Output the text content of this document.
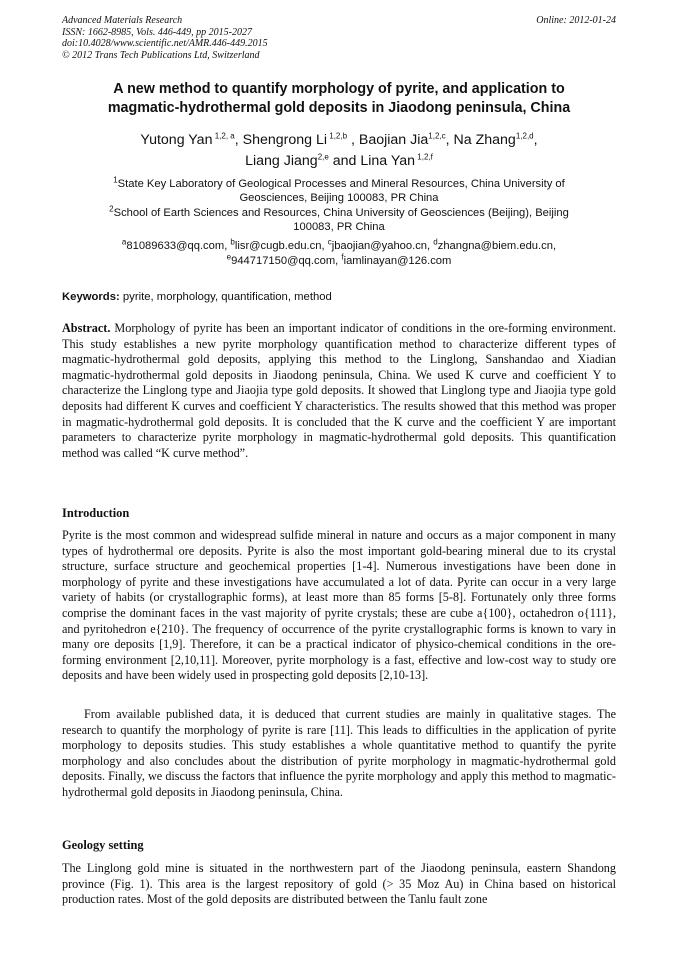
Advanced Materials Research
ISSN: 1662-8985, Vols. 446-449, pp 2015-2027
doi:10.4028/www.scientific.net/AMR.446-449.2015
© 2012 Trans Tech Publications Ltd, Switzerland
Online: 2012-01-24
A new method to quantify morphology of pyrite, and application to
magmatic-hydrothermal gold deposits in Jiaodong peninsula, China
Yutong Yan $^{1,2, a}$, Shengrong Li $^{1,2,b}$ , Baojian Jia$^{1,2,c}$, Na Zhang$^{1,2,d}$,
Liang Jiang$^{2,e}$ and Lina Yan $^{1,2,f}$
$^1$State Key Laboratory of Geological Processes and Mineral Resources, China University of
Geosciences, Beijing 100083, PR China
$^2$School of Earth Sciences and Resources, China University of Geosciences (Beijing), Beijing
100083, PR China
$^a$81089633@qq.com, $^b$lisr@cugb.edu.cn, $^c$jbaojian@yahoo.cn, $^d$zhangna@biem.edu.cn,
$^e$944717150@qq.com, $^f$iamlinayan@126.com
Keywords: pyrite, morphology, quantification, method

Abstract. Morphology of pyrite has been an important indicator of conditions in the ore-forming environment. This study establishes a new pyrite morphology quantification method to characterize different types of magmatic-hydrothermal gold deposits, applying this method to the Linglong, Sanshandao and Xiadian magmatic-hydrothermal gold deposits in Jiaodong peninsula, China. We used K curve and coefficient Y to characterize the Linglong type and Jiaojia type gold deposits. It showed that Linglong type and Jiaojia type gold deposits had different K curves and coefficient Y characteristics. The results showed that this method was proper in magmatic-hydrothermal gold deposits. It is concluded that the K curve and the coefficient Y are important parameters to characterize pyrite morphology in magmatic-hydrothermal gold deposits. This quantification method was called “K curve method”.

Introduction

Pyrite is the most common and widespread sulfide mineral in nature and occurs as a major component in many types of hydrothermal ore deposits. Pyrite is also the most important gold-bearing mineral due to its crystal structure, surface structure and geochemical properties [1-4]. Numerous investigations have been done in morphology of pyrite and these investigations have accumulated a lot of data. Pyrite can occur in a very large variety of habits (or crystallographic forms), at least more than 85 forms [5-8]. Fortunately only three forms comprise the dominant faces in the vast majority of pyrite crystals; these are cube a{100}, octahedron o{111}, and pyritohedron e{210}. The frequency of occurrence of the pyrite crystallographic forms is known to vary in many ore deposits [1,9]. Therefore, it can be a practical indicator of physico-chemical conditions in the ore-forming environment [2,10,11]. Moreover, pyrite morphology is a fast, effective and low-cost way to study ore deposits and have been widely used in prospecting gold deposits [2,10-13].

From available published data, it is deduced that current studies are mainly in qualitative stages. The research to quantify the morphology of pyrite is rare [11]. This leads to difficulties in the application of pyrite morphology to deposits studies. This study establishes a whole quantitative method to quantify the pyrite morphology and also concludes about the distribution of pyrite morphology in magmatic-hydrothermal gold deposits. Finally, we discuss the factors that influence the pyrite morphology and apply this method to magmatic-hydrothermal gold deposits in Jiaodong peninsula, China.

Geology setting

The Linglong gold mine is situated in the northwestern part of the Jiaodong peninsula, eastern Shandong province (Fig. 1). This area is the largest repository of gold (> 35 Moz Au) in China based on historical production rates. Most of the gold deposits are distributed between the Tanlu fault zone
